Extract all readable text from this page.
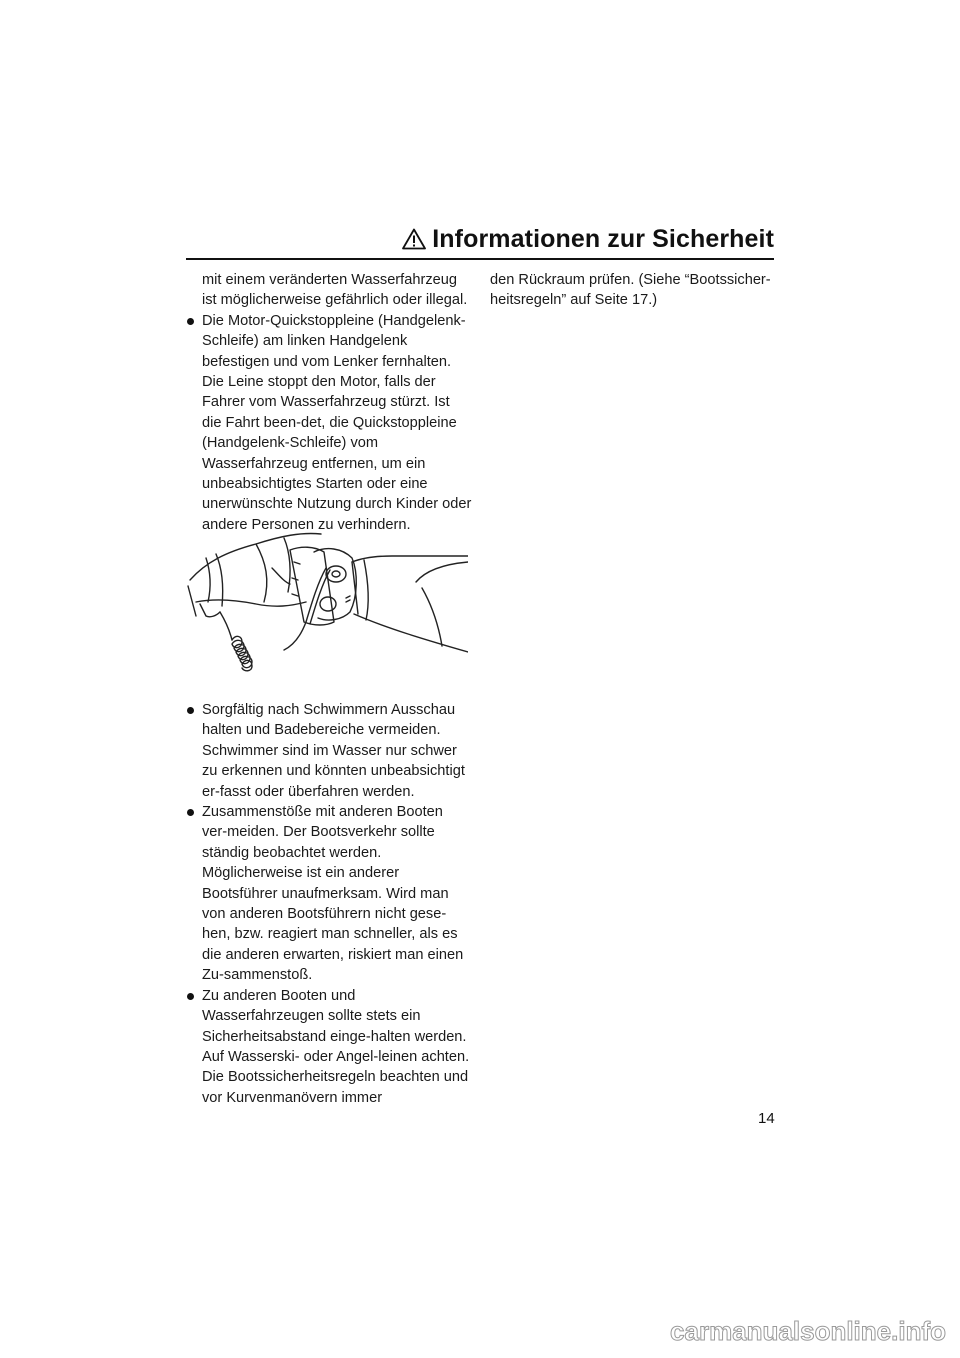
Informationen zur Sicherheit

mit einem veränderten Wasserfahrzeug ist möglicherweise gefährlich oder illegal.

Die Motor-Quickstoppleine (Handgelenk-Schleife) am linken Handgelenk befestigen und vom Lenker fernhalten. Die Leine stoppt den Motor, falls der Fahrer vom Wasserfahrzeug stürzt. Ist die Fahrt been-det, die Quickstoppleine (Handgelenk-Schleife) vom Wasserfahrzeug entfernen, um ein unbeabsichtigtes Starten oder eine unerwünschte Nutzung durch Kinder oder andere Personen zu verhindern.

Sorgfältig nach Schwimmern Ausschau halten und Badebereiche vermeiden. Schwimmer sind im Wasser nur schwer zu erkennen und könnten unbeabsichtigt er-fasst oder überfahren werden.

Zusammenstöße mit anderen Booten ver-meiden. Der Bootsverkehr sollte ständig beobachtet werden. Möglicherweise ist ein anderer Bootsführer unaufmerksam. Wird man von anderen Bootsführern nicht gese-hen, bzw. reagiert man schneller, als es die anderen erwarten, riskiert man einen Zu-sammenstoß.

Zu anderen Booten und Wasserfahrzeugen sollte stets ein Sicherheitsabstand einge-halten werden. Auf Wasserski- oder Angel-leinen achten. Die Bootssicherheitsregeln beachten und vor Kurvenmanövern immer

den Rückraum prüfen. (Siehe “Bootssicher-heitsregeln” auf Seite 17.)

14
carmanualsonline.info
